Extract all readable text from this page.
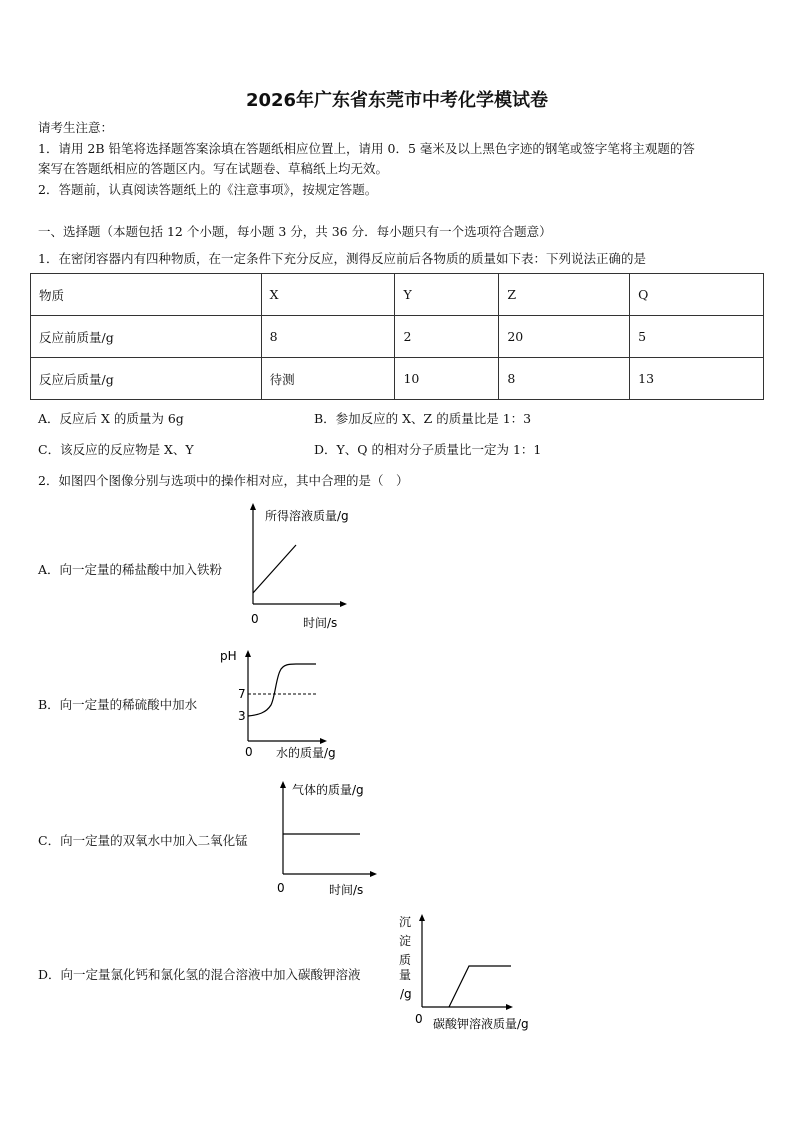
2026年广东省东莞市中考化学模试卷
请考生注意：
1．请用 2B 铅笔将选择题答案涂填在答题纸相应位置上，请用 0．5 毫米及以上黑色字迹的钢笔或签字笔将主观题的答
案写在答题纸相应的答题区内。写在试题卷、草稿纸上均无效。
2．答题前，认真阅读答题纸上的《注意事项》，按规定答题。
一、选择题（本题包括 12 个小题，每小题 3 分，共 36 分．每小题只有一个选项符合题意）
1．在密闭容器内有四种物质，在一定条件下充分反应，测得反应前后各物质的质量如下表：下列说法正确的是
物质	X	Y	Z	Q
反应前质量/g	8	2	20	5
反应后质量/g	待测	10	8	13
A．反应后 X 的质量为 6g	B．参加反应的 X、Z 的质量比是 1：3
C．该反应的反应物是 X、Y	D．Y、Q 的相对分子质量比一定为 1：1
2．如图四个图像分别与选项中的操作相对应，其中合理的是（　）
A．向一定量的稀盐酸中加入铁粉
所得溶液质量/g
0	时间/s
B．向一定量的稀硫酸中加水
pH
7
3
0 水的质量/g
C．向一定量的双氧水中加入二氧化锰
气体的质量/g
0	时间/s
D．向一定量氯化钙和氯化氢的混合溶液中加入碳酸钾溶液
沉
淀
质
量
/g
0 碳酸钾溶液质量/g
